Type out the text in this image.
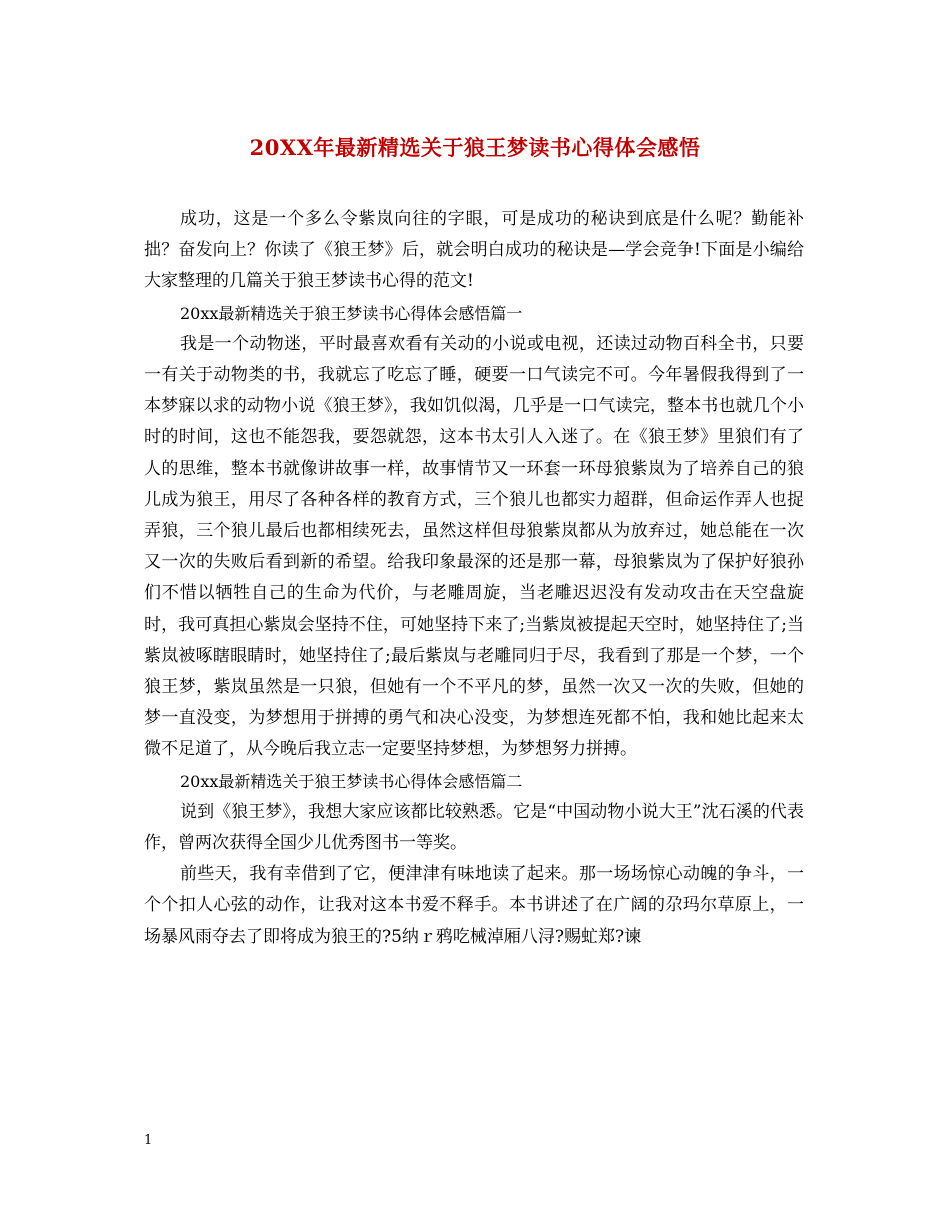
20XX年最新精选关于狼王梦读书心得体会感悟

成功，这是一个多么令紫岚向往的字眼，可是成功的秘诀到底是什么呢？勤能补拙？奋发向上？你读了《狼王梦》后，就会明白成功的秘诀是—学会竞争!下面是小编给大家整理的几篇关于狼王梦读书心得的范文!

20xx最新精选关于狼王梦读书心得体会感悟篇一

我是一个动物迷，平时最喜欢看有关动的小说或电视，还读过动物百科全书，只要一有关于动物类的书，我就忘了吃忘了睡，硬要一口气读完不可。今年暑假我得到了一本梦寐以求的动物小说《狼王梦》，我如饥似渴，几乎是一口气读完，整本书也就几个小时的时间，这也不能怨我，要怨就怨，这本书太引人入迷了。在《狼王梦》里狼们有了人的思维，整本书就像讲故事一样，故事情节又一环套一环母狼紫岚为了培养自己的狼儿成为狼王，用尽了各种各样的教育方式，三个狼儿也都实力超群，但命运作弄人也捉弄狼，三个狼儿最后也都相续死去，虽然这样但母狼紫岚都从为放弃过，她总能在一次又一次的失败后看到新的希望。给我印象最深的还是那一幕，母狼紫岚为了保护好狼孙们不惜以牺牲自己的生命为代价，与老雕周旋，当老雕迟迟没有发动攻击在天空盘旋时，我可真担心紫岚会坚持不住，可她坚持下来了;当紫岚被提起天空时，她坚持住了;当紫岚被啄瞎眼睛时，她坚持住了;最后紫岚与老雕同归于尽，我看到了那是一个梦，一个狼王梦，紫岚虽然是一只狼，但她有一个不平凡的梦，虽然一次又一次的失败，但她的梦一直没变，为梦想用于拼搏的勇气和决心没变，为梦想连死都不怕，我和她比起来太微不足道了，从今晚后我立志一定要坚持梦想，为梦想努力拼搏。

20xx最新精选关于狼王梦读书心得体会感悟篇二

说到《狼王梦》，我想大家应该都比较熟悉。它是“中国动物小说大王”沈石溪的代表作，曾两次获得全国少儿优秀图书一等奖。

前些天，我有幸借到了它，便津津有味地读了起来。那一场场惊心动魄的争斗，一个个扣人心弦的动作，让我对这本书爱不释手。本书讲述了在广阔的尕玛尔草原上，一场暴风雨夺去了即将成为狼王的?5纳ｒ鸦吃械淖厢八浔?赐虻郑?谏

1
